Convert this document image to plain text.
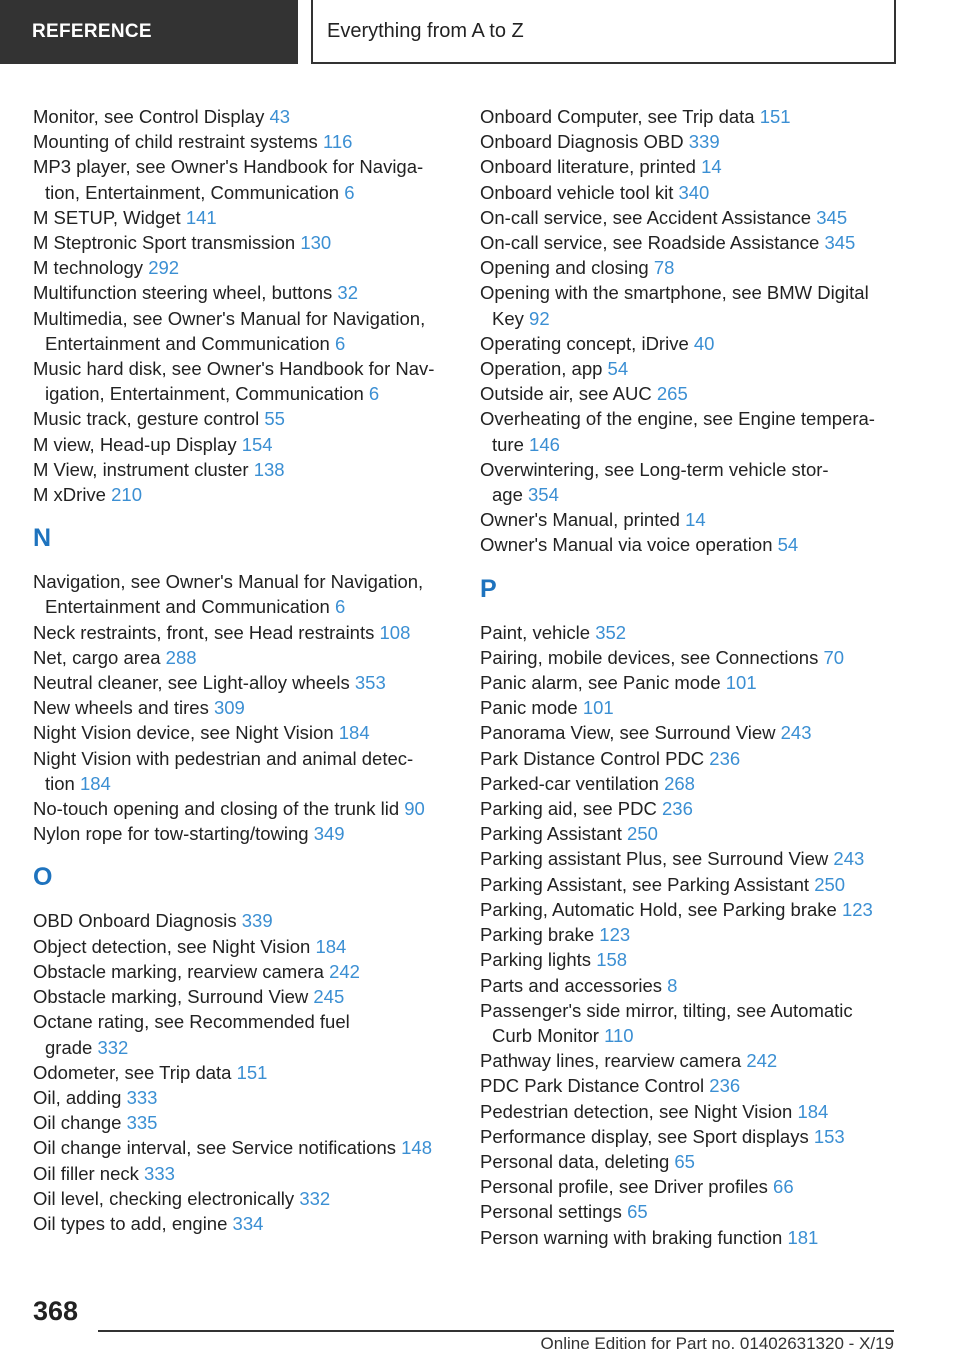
REFERENCE	Everything from A to Z
Monitor, see Control Display 43
Mounting of child restraint systems 116
MP3 player, see Owner's Handbook for Naviga-
tion, Entertainment, Communication 6
M SETUP, Widget 141
M Steptronic Sport transmission 130
M technology 292
Multifunction steering wheel, buttons 32
Multimedia, see Owner's Manual for Navigation,
Entertainment and Communication 6
Music hard disk, see Owner's Handbook for Nav-
igation, Entertainment, Communication 6
Music track, gesture control 55
M view, Head-up Display 154
M View, instrument cluster 138
M xDrive 210
N
Navigation, see Owner's Manual for Navigation,
Entertainment and Communication 6
Neck restraints, front, see Head restraints 108
Net, cargo area 288
Neutral cleaner, see Light-alloy wheels 353
New wheels and tires 309
Night Vision device, see Night Vision 184
Night Vision with pedestrian and animal detec-
tion 184
No-touch opening and closing of the trunk lid 90
Nylon rope for tow-starting/towing 349
O
OBD Onboard Diagnosis 339
Object detection, see Night Vision 184
Obstacle marking, rearview camera 242
Obstacle marking, Surround View 245
Octane rating, see Recommended fuel
grade 332
Odometer, see Trip data 151
Oil, adding 333
Oil change 335
Oil change interval, see Service notifications 148
Oil filler neck 333
Oil level, checking electronically 332
Oil types to add, engine 334
Onboard Computer, see Trip data 151
Onboard Diagnosis OBD 339
Onboard literature, printed 14
Onboard vehicle tool kit 340
On-call service, see Accident Assistance 345
On-call service, see Roadside Assistance 345
Opening and closing 78
Opening with the smartphone, see BMW Digital
Key 92
Operating concept, iDrive 40
Operation, app 54
Outside air, see AUC 265
Overheating of the engine, see Engine tempera-
ture 146
Overwintering, see Long-term vehicle stor-
age 354
Owner's Manual, printed 14
Owner's Manual via voice operation 54
P
Paint, vehicle 352
Pairing, mobile devices, see Connections 70
Panic alarm, see Panic mode 101
Panic mode 101
Panorama View, see Surround View 243
Park Distance Control PDC 236
Parked-car ventilation 268
Parking aid, see PDC 236
Parking Assistant 250
Parking assistant Plus, see Surround View 243
Parking Assistant, see Parking Assistant 250
Parking, Automatic Hold, see Parking brake 123
Parking brake 123
Parking lights 158
Parts and accessories 8
Passenger's side mirror, tilting, see Automatic
Curb Monitor 110
Pathway lines, rearview camera 242
PDC Park Distance Control 236
Pedestrian detection, see Night Vision 184
Performance display, see Sport displays 153
Personal data, deleting 65
Personal profile, see Driver profiles 66
Personal settings 65
Person warning with braking function 181
368
Online Edition for Part no. 01402631320 - X/19
